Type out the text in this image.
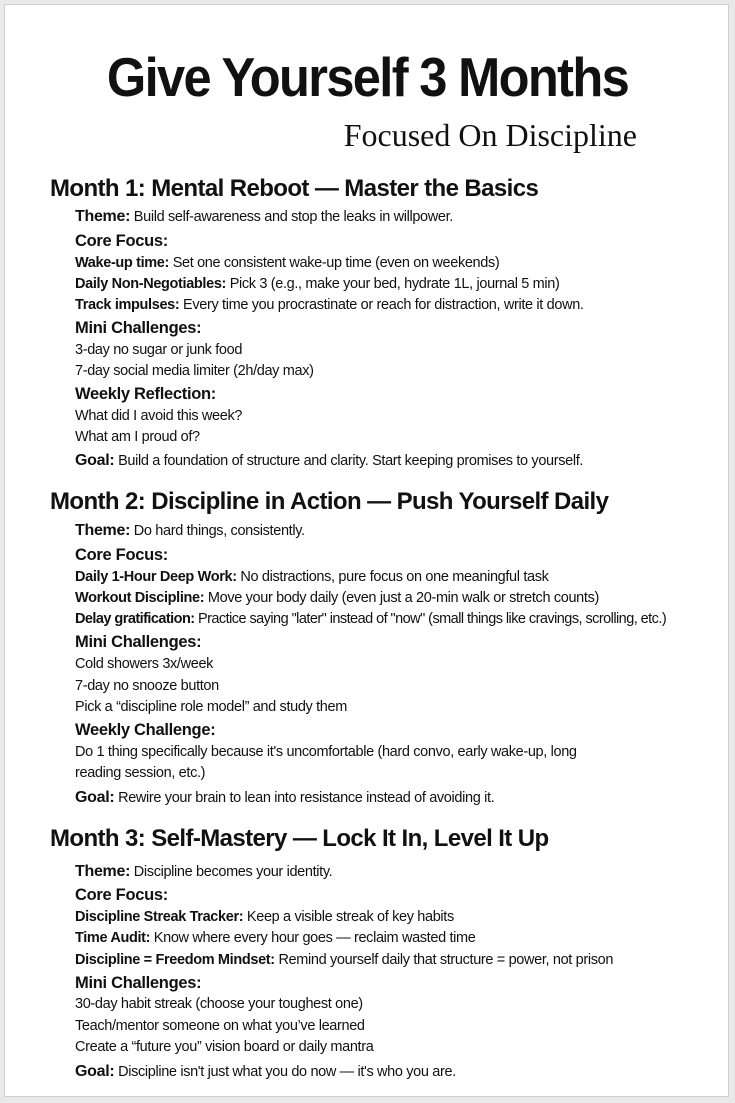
Give Yourself 3 Months
Focused On Discipline
Month 1: Mental Reboot — Master the Basics
Theme: Build self-awareness and stop the leaks in willpower.
Core Focus:
Wake-up time: Set one consistent wake-up time (even on weekends)
Daily Non-Negotiables: Pick 3 (e.g., make your bed, hydrate 1L, journal 5 min)
Track impulses: Every time you procrastinate or reach for distraction, write it down.
Mini Challenges:
3-day no sugar or junk food
7-day social media limiter (2h/day max)
Weekly Reflection:
What did I avoid this week?
What am I proud of?
Goal: Build a foundation of structure and clarity. Start keeping promises to yourself.
Month 2: Discipline in Action — Push Yourself Daily
Theme: Do hard things, consistently.
Core Focus:
Daily 1-Hour Deep Work: No distractions, pure focus on one meaningful task
Workout Discipline: Move your body daily (even just a 20-min walk or stretch counts)
Delay gratification: Practice saying "later" instead of "now" (small things like cravings, scrolling, etc.)
Mini Challenges:
Cold showers 3x/week
7-day no snooze button
Pick a “discipline role model” and study them
Weekly Challenge:
Do 1 thing specifically because it's uncomfortable (hard convo, early wake-up, long
reading session, etc.)
Goal: Rewire your brain to lean into resistance instead of avoiding it.
Month 3: Self-Mastery — Lock It In, Level It Up
Theme: Discipline becomes your identity.
Core Focus:
Discipline Streak Tracker: Keep a visible streak of key habits
Time Audit: Know where every hour goes — reclaim wasted time
Discipline = Freedom Mindset: Remind yourself daily that structure = power, not prison
Mini Challenges:
30-day habit streak (choose your toughest one)
Teach/mentor someone on what you’ve learned
Create a “future you” vision board or daily mantra
Goal: Discipline isn't just what you do now — it's who you are.
